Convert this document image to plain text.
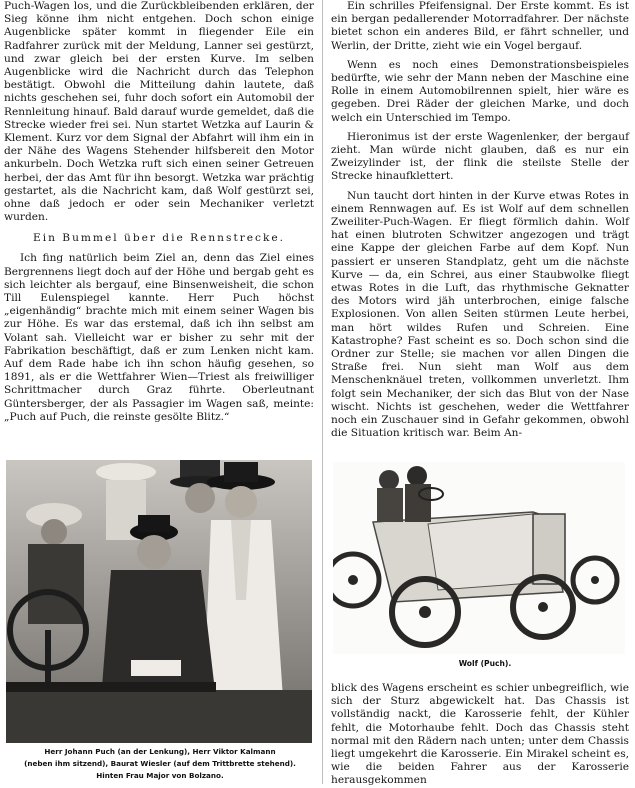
Puch-Wagen los, und die Zurückbleibenden erklären, der Sieg könne ihm nicht entgehen. Doch schon einige Augenblicke später kommt in fliegender Eile ein Radfahrer zurück mit der Meldung, Lanner sei gestürzt, und zwar gleich bei der ersten Kurve. Im selben Augenblicke wird die Nachricht durch das Telephon bestätigt. Obwohl die Mitteilung dahin lautete, daß nichts geschehen sei, fuhr doch sofort ein Automobil der Rennleitung hinauf. Bald darauf wurde gemeldet, daß die Strecke wieder frei sei. Nun startet Wetzka auf Laurin & Klement. Kurz vor dem Signal der Abfahrt will ihm ein in der Nähe des Wagens Stehender hilfsbereit den Motor ankurbeln. Doch Wetzka ruft sich einen seiner Getreuen herbei, der das Amt für ihn besorgt. Wetzka war prächtig gestartet, als die Nachricht kam, daß Wolf gestürzt sei, ohne daß jedoch er oder sein Mechaniker verletzt wurden.

Ein Bummel über die Rennstrecke.

Ich fing natürlich beim Ziel an, denn das Ziel eines Bergrennens liegt doch auf der Höhe und bergab geht es sich leichter als bergauf, eine Binsenweisheit, die schon Till Eulenspiegel kannte. Herr Puch höchst „eigenhändig“ brachte mich mit einem seiner Wagen bis zur Höhe. Es war das erstemal, daß ich ihn selbst am Volant sah. Vielleicht war er bisher zu sehr mit der Fabrikation beschäftigt, daß er zum Lenken nicht kam. Auf dem Rade habe ich ihn schon häufig gesehen, so 1891, als er die Wettfahrer Wien—Triest als freiwilliger Schrittmacher durch Graz führte. Oberleutnant Güntersberger, der als Passagier im Wagen saß, meinte: „Puch auf Puch, die reinste gesölte Blitz.“

Herr Johann Puch (an der Lenkung), Herr Viktor Kalmann
(neben ihm sitzend), Baurat Wiesler (auf dem Trittbrette stehend).
Hinten Frau Major von Bolzano.

Ein schrilles Pfeifensignal. Der Erste kommt. Es ist ein bergan pedallerender Motorradfahrer. Der nächste bietet schon ein anderes Bild, er fährt schneller, und Werlin, der Dritte, zieht wie ein Vogel bergauf.

Wenn es noch eines Demonstrationsbeispieles bedürfte, wie sehr der Mann neben der Maschine eine Rolle in einem Automobilrennen spielt, hier wäre es gegeben. Drei Räder der gleichen Marke, und doch welch ein Unterschied im Tempo.

Hieronimus ist der erste Wagenlenker, der bergauf zieht. Man würde nicht glauben, daß es nur ein Zweizylinder ist, der flink die steilste Stelle der Strecke hinaufklettert.

Nun taucht dort hinten in der Kurve etwas Rotes in einem Rennwagen auf. Es ist Wolf auf dem schnellen Zweiliter-Puch-Wagen. Er fliegt förmlich dahin. Wolf hat einen blutroten Schwitzer angezogen und trägt eine Kappe der gleichen Farbe auf dem Kopf. Nun passiert er unseren Standplatz, geht um die nächste Kurve — da, ein Schrei, aus einer Staubwolke fliegt etwas Rotes in die Luft, das rhythmische Geknatter des Motors wird jäh unterbrochen, einige falsche Explosionen. Von allen Seiten stürmen Leute herbei, man hört wildes Rufen und Schreien. Eine Katastrophe? Fast scheint es so. Doch schon sind die Ordner zur Stelle; sie machen vor allen Dingen die Straße frei. Nun sieht man Wolf aus dem Menschenknäuel treten, vollkommen unverletzt. Ihm folgt sein Mechaniker, der sich das Blut von der Nase wischt. Nichts ist geschehen, weder die Wettfahrer noch ein Zuschauer sind in Gefahr gekommen, obwohl die Situation kritisch war. Beim An-

Wolf (Puch).

blick des Wagens erscheint es schier unbegreiflich, wie sich der Sturz abgewickelt hat. Das Chassis ist vollständig nackt, die Karosserie fehlt, der Kühler fehlt, die Motorhaube fehlt. Doch das Chassis steht normal mit den Rädern nach unten; unter dem Chassis liegt umgekehrt die Karosserie. Ein Mirakel scheint es, wie die beiden Fahrer aus der Karosserie herausgekommen
